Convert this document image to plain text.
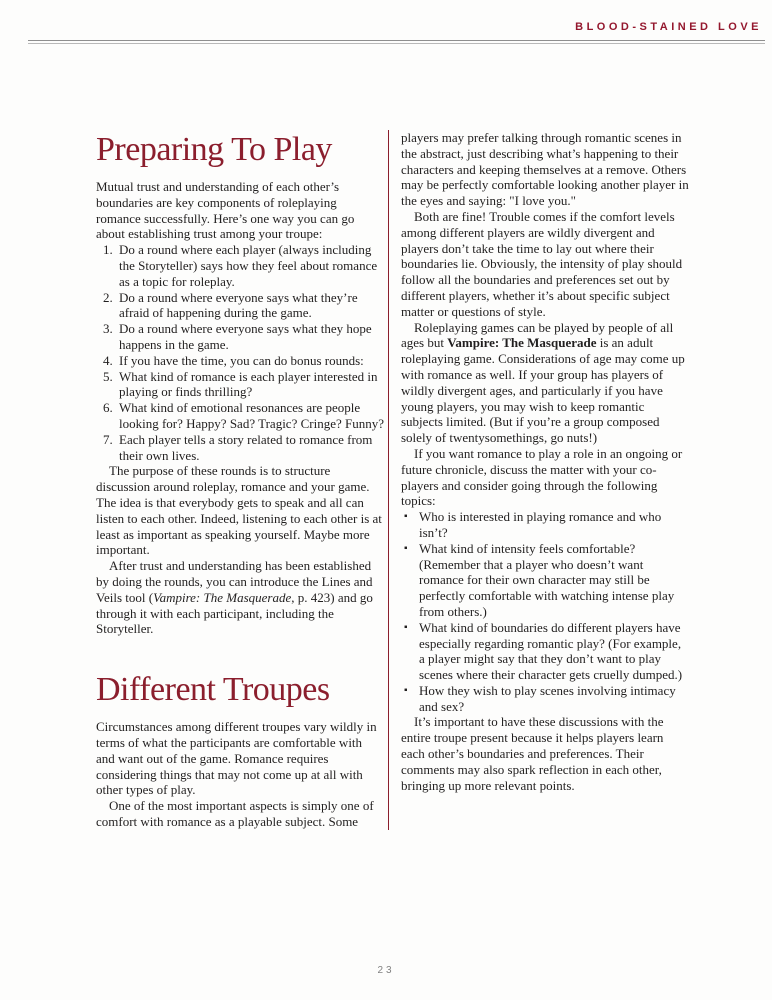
BLOOD-STAINED LOVE
Preparing To Play

Mutual trust and understanding of each other’s boundaries are key components of roleplaying romance successfully. Here’s one way you can go about establishing trust among your troupe:

1. Do a round where each player (always including the Storyteller) says how they feel about romance as a topic for roleplay.
2. Do a round where everyone says what they’re afraid of happening during the game.
3. Do a round where everyone says what they hope happens in the game.
4. If you have the time, you can do bonus rounds:
5. What kind of romance is each player interested in playing or finds thrilling?
6. What kind of emotional resonances are people looking for? Happy? Sad? Tragic? Cringe? Funny?
7. Each player tells a story related to romance from their own lives.

The purpose of these rounds is to structure discussion around roleplay, romance and your game. The idea is that everybody gets to speak and all can listen to each other. Indeed, listening to each other is at least as important as speaking yourself. Maybe more important.

After trust and understanding has been established by doing the rounds, you can introduce the Lines and Veils tool (Vampire: The Masquerade, p. 423) and go through it with each participant, including the Storyteller.

Different Troupes

Circumstances among different troupes vary wildly in terms of what the participants are comfortable with and want out of the game. Romance requires considering things that may not come up at all with other types of play.

One of the most important aspects is simply one of comfort with romance as a playable subject. Some

players may prefer talking through romantic scenes in the abstract, just describing what’s happening to their characters and keeping themselves at a remove. Others may be perfectly comfortable looking another player in the eyes and saying: "I love you."

Both are fine! Trouble comes if the comfort levels among different players are wildly divergent and players don’t take the time to lay out where their boundaries lie. Obviously, the intensity of play should follow all the boundaries and preferences set out by different players, whether it’s about specific subject matter or questions of style.

Roleplaying games can be played by people of all ages but Vampire: The Masquerade is an adult roleplaying game. Considerations of age may come up with romance as well. If your group has players of wildly divergent ages, and particularly if you have young players, you may wish to keep romantic subjects limited. (But if you’re a group composed solely of twentysomethings, go nuts!)

If you want romance to play a role in an ongoing or future chronicle, discuss the matter with your co-players and consider going through the following topics:

▪ Who is interested in playing romance and who isn’t?
▪ What kind of intensity feels comfortable? (Remember that a player who doesn’t want romance for their own character may still be perfectly comfortable with watching intense play from others.)
▪ What kind of boundaries do different players have especially regarding romantic play? (For example, a player might say that they don’t want to play scenes where their character gets cruelly dumped.)
▪ How they wish to play scenes involving intimacy and sex?

It’s important to have these discussions with the entire troupe present because it helps players learn each other’s boundaries and preferences. Their comments may also spark reflection in each other, bringing up more relevant points.

23
